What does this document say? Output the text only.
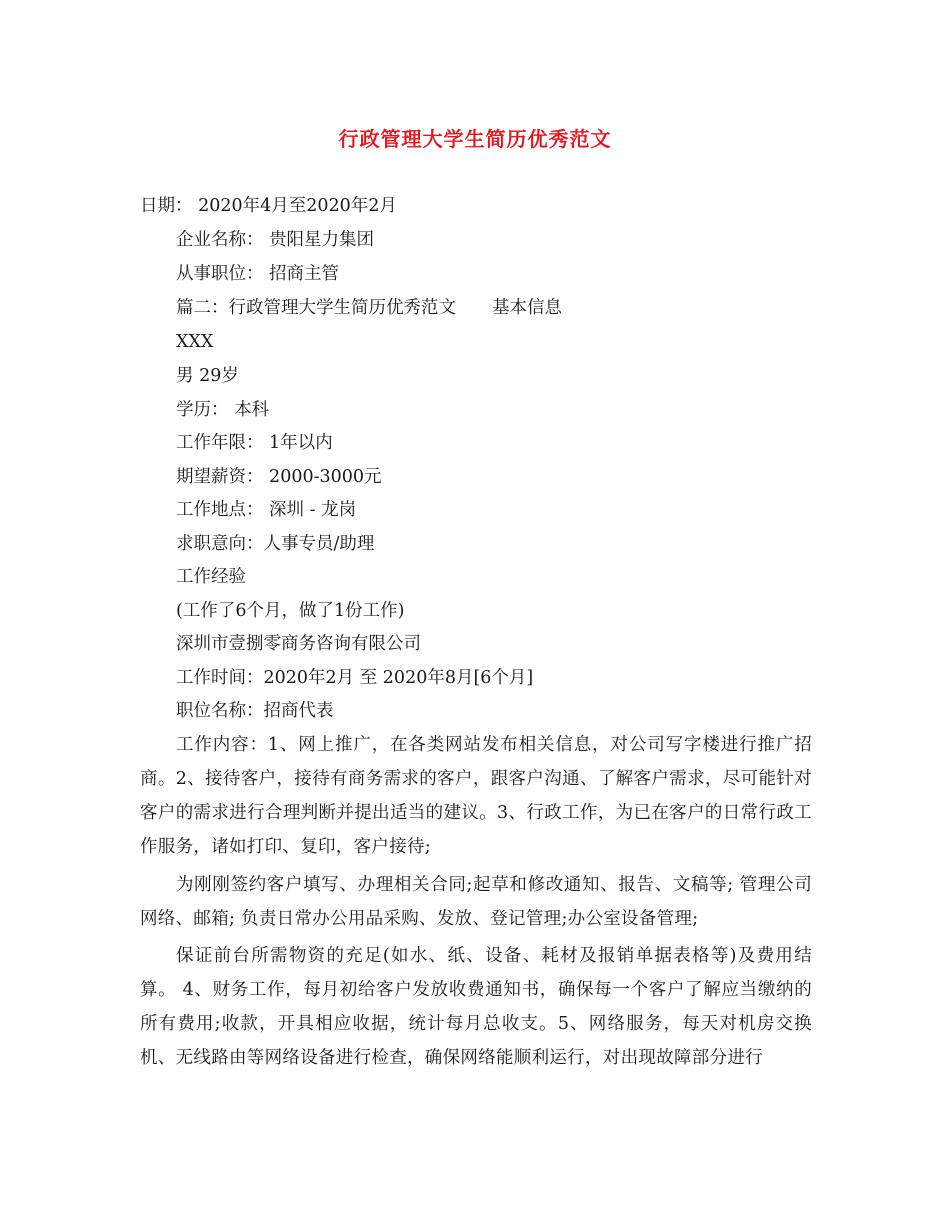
行政管理大学生简历优秀范文
日期： 2020年4月至2020年2月
企业名称： 贵阳星力集团
从事职位： 招商主管
篇二：行政管理大学生简历优秀范文 基本信息
XXX
男 29岁
学历： 本科
工作年限： 1年以内
期望薪资： 2000-3000元
工作地点： 深圳 - 龙岗
求职意向：人事专员/助理
工作经验
(工作了6个月，做了1份工作)
深圳市壹捌零商务咨询有限公司
工作时间：2020年2月 至 2020年8月[6个月]
职位名称：招商代表
工作内容：1、网上推广，在各类网站发布相关信息，对公司写字楼进行推广招商。2、接待客户，接待有商务需求的客户，跟客户沟通、了解客户需求，尽可能针对客户的需求进行合理判断并提出适当的建议。3、行政工作，为已在客户的日常行政工作服务，诸如打印、复印，客户接待;
为刚刚签约客户填写、办理相关合同;起草和修改通知、报告、文稿等; 管理公司网络、邮箱; 负责日常办公用品采购、发放、登记管理;办公室设备管理;
保证前台所需物资的充足(如水、纸、设备、耗材及报销单据表格等)及费用结算。 4、财务工作，每月初给客户发放收费通知书，确保每一个客户了解应当缴纳的所有费用;收款，开具相应收据，统计每月总收支。5、网络服务，每天对机房交换机、无线路由等网络设备进行检查，确保网络能顺利运行，对出现故障部分进行
